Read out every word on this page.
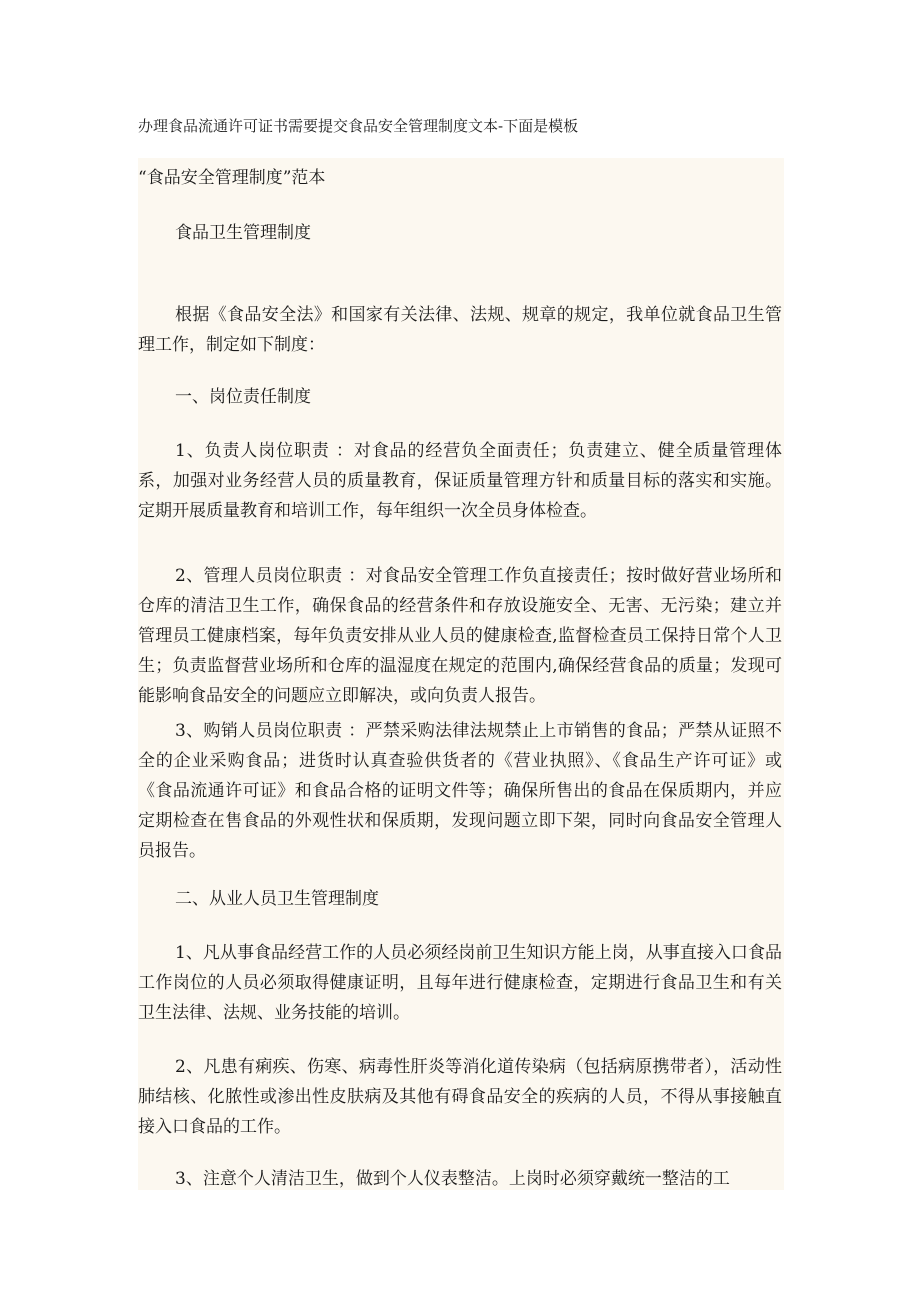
办理食品流通许可证书需要提交食品安全管理制度文本-下面是模板
“食品安全管理制度”范本
食品卫生管理制度
根据《食品安全法》和国家有关法律、法规、规章的规定，我单位就食品卫生管理工作，制定如下制度：
一、岗位责任制度
1、负责人岗位职责 ：对食品的经营负全面责任；负责建立、健全质量管理体系，加强对业务经营人员的质量教育，保证质量管理方针和质量目标的落实和实施。定期开展质量教育和培训工作，每年组织一次全员身体检查。
2、管理人员岗位职责 ：对食品安全管理工作负直接责任；按时做好营业场所和仓库的清洁卫生工作，确保食品的经营条件和存放设施安全、无害、无污染；建立并管理员工健康档案，每年负责安排从业人员的健康检查,监督检查员工保持日常个人卫生；负责监督营业场所和仓库的温湿度在规定的范围内,确保经营食品的质量；发现可能影响食品安全的问题应立即解决，或向负责人报告。
3、购销人员岗位职责 ：严禁采购法律法规禁止上市销售的食品；严禁从证照不全的企业采购食品；进货时认真查验供货者的《营业执照》、《食品生产许可证》或《食品流通许可证》和食品合格的证明文件等；确保所售出的食品在保质期内，并应定期检查在售食品的外观性状和保质期，发现问题立即下架，同时向食品安全管理人员报告。
二、从业人员卫生管理制度
1、凡从事食品经营工作的人员必须经岗前卫生知识方能上岗，从事直接入口食品工作岗位的人员必须取得健康证明，且每年进行健康检查，定期进行食品卫生和有关卫生法律、法规、业务技能的培训。
2、凡患有痢疾、伤寒、病毒性肝炎等消化道传染病（包括病原携带者），活动性肺结核、化脓性或渗出性皮肤病及其他有碍食品安全的疾病的人员，不得从事接触直接入口食品的工作。
3、注意个人清洁卫生，做到个人仪表整洁。上岗时必须穿戴统一整洁的工
